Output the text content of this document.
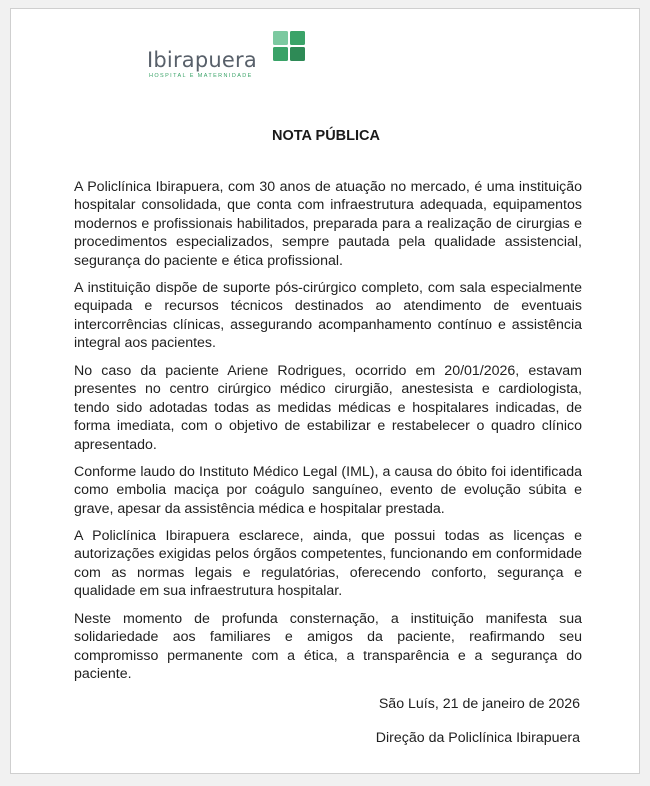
Ibirapuera
HOSPITAL E MATERNIDADE
NOTA PÚBLICA

A Policlínica Ibirapuera, com 30 anos de atuação no mercado, é uma instituição hospitalar consolidada, que conta com infraestrutura adequada, equipamentos modernos e profissionais habilitados, preparada para a realização de cirurgias e procedimentos especializados, sempre pautada pela qualidade assistencial, segurança do paciente e ética profissional.

A instituição dispõe de suporte pós-cirúrgico completo, com sala especialmente equipada e recursos técnicos destinados ao atendimento de eventuais intercorrências clínicas, assegurando acompanhamento contínuo e assistência integral aos pacientes.

No caso da paciente Ariene Rodrigues, ocorrido em 20/01/2026, estavam presentes no centro cirúrgico médico cirurgião, anestesista e cardiologista, tendo sido adotadas todas as medidas médicas e hospitalares indicadas, de forma imediata, com o objetivo de estabilizar e restabelecer o quadro clínico apresentado.

Conforme laudo do Instituto Médico Legal (IML), a causa do óbito foi identificada como embolia maciça por coágulo sanguíneo, evento de evolução súbita e grave, apesar da assistência médica e hospitalar prestada.

A Policlínica Ibirapuera esclarece, ainda, que possui todas as licenças e autorizações exigidas pelos órgãos competentes, funcionando em conformidade com as normas legais e regulatórias, oferecendo conforto, segurança e qualidade em sua infraestrutura hospitalar.

Neste momento de profunda consternação, a instituição manifesta sua solidariedade aos familiares e amigos da paciente, reafirmando seu compromisso permanente com a ética, a transparência e a segurança do paciente.

São Luís, 21 de janeiro de 2026
Direção da Policlínica Ibirapuera
